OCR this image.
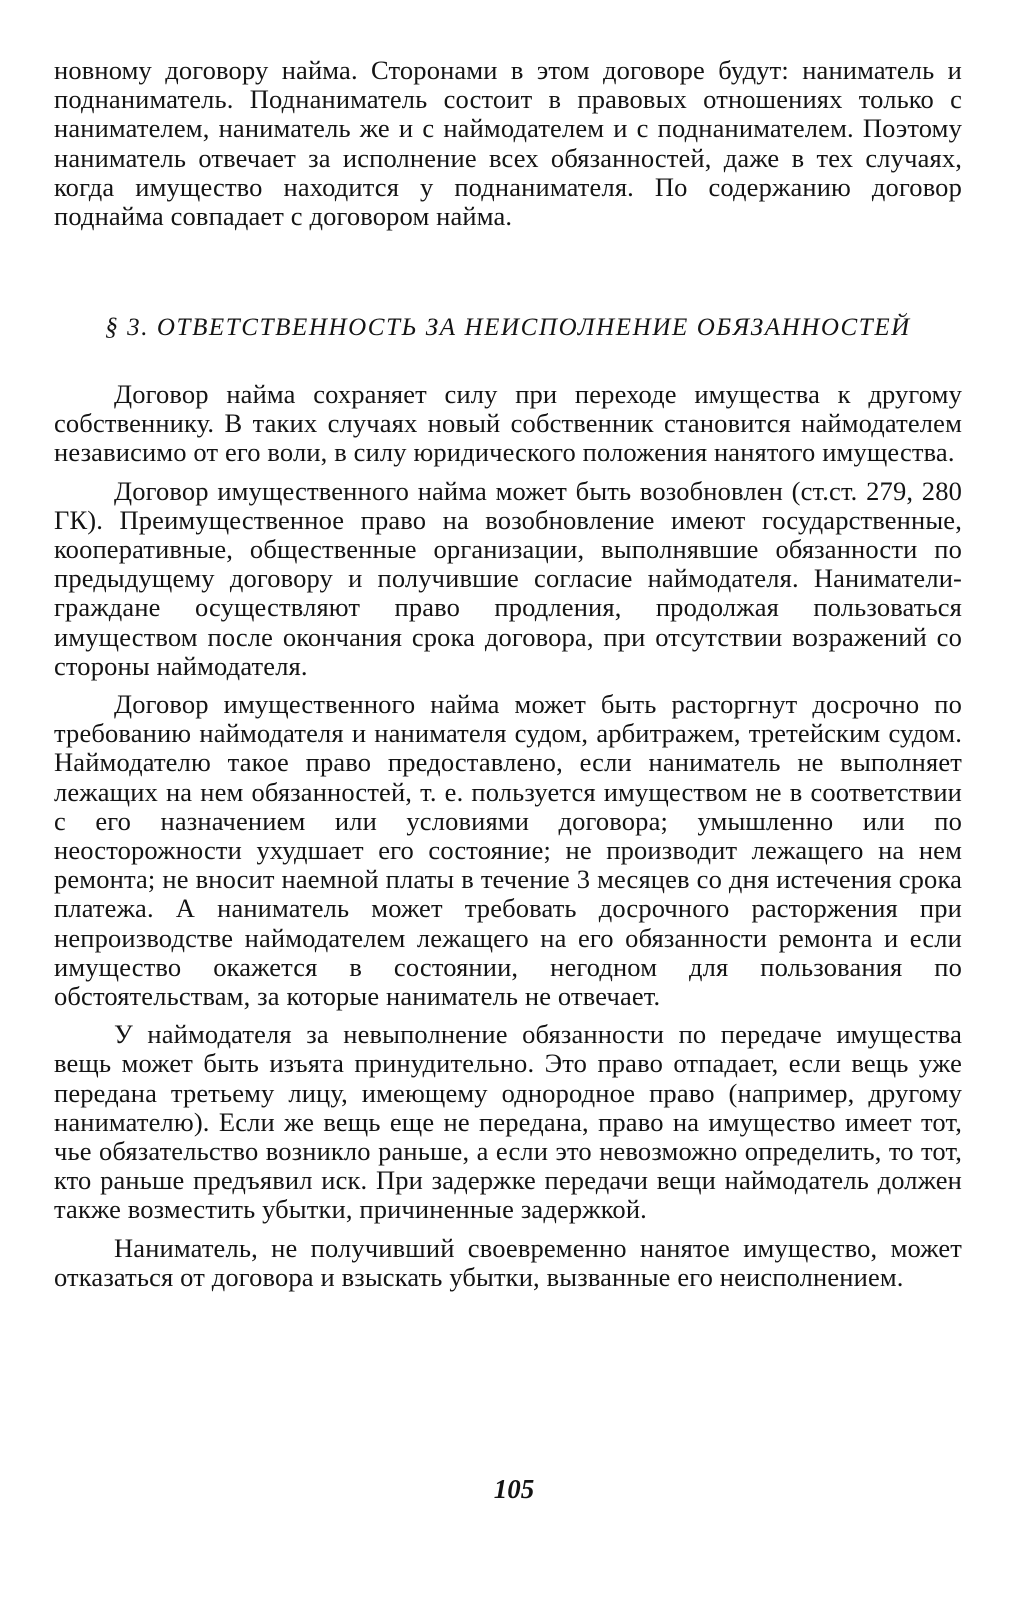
новному договору найма. Сторонами в этом договоре будут: наниматель и поднаниматель. Поднаниматель состоит в правовых отношениях только с нанимателем, наниматель же и с наймодателем и с поднанимателем. Поэтому наниматель отвечает за исполнение всех обязанностей, даже в тех случаях, когда имущество находится у поднанимателя. По содержанию договор поднайма совпадает с договором найма.

§ 3. ОТВЕТСТВЕННОСТЬ ЗА НЕИСПОЛНЕНИЕ ОБЯЗАННОСТЕЙ

Договор найма сохраняет силу при переходе имущества к другому собственнику. В таких случаях новый собственник становится наймодателем независимо от его воли, в силу юридического положения нанятого имущества.

Договор имущественного найма может быть возобновлен (ст.ст. 279, 280 ГК). Преимущественное право на возобновление имеют государственные, кооперативные, общественные организации, выполнявшие обязанности по предыдущему договору и получившие согласие наймодателя. Наниматели-граждане осуществляют право продления, продолжая пользоваться имуществом после окончания срока договора, при отсутствии возражений со стороны наймодателя.

Договор имущественного найма может быть расторгнут досрочно по требованию наймодателя и нанимателя судом, арбитражем, третейским судом. Наймодателю такое право предоставлено, если наниматель не выполняет лежащих на нем обязанностей, т. е. пользуется имуществом не в соответствии с его назначением или условиями договора; умышленно или по неосторожности ухудшает его состояние; не производит лежащего на нем ремонта; не вносит наемной платы в течение 3 месяцев со дня истечения срока платежа. А наниматель может требовать досрочного расторжения при непроизводстве наймодателем лежащего на его обязанности ремонта и если имущество окажется в состоянии, негодном для пользования по обстоятельствам, за которые наниматель не отвечает.

У наймодателя за невыполнение обязанности по передаче имущества вещь может быть изъята принудительно. Это право отпадает, если вещь уже передана третьему лицу, имеющему однородное право (например, другому нанимателю). Если же вещь еще не передана, право на имущество имеет тот, чье обязательство возникло раньше, а если это невозможно определить, то тот, кто раньше предъявил иск. При задержке передачи вещи наймодатель должен также возместить убытки, причиненные задержкой.

Наниматель, не получивший своевременно нанятое имущество, может отказаться от договора и взыскать убытки, вызванные его неисполнением.

105
